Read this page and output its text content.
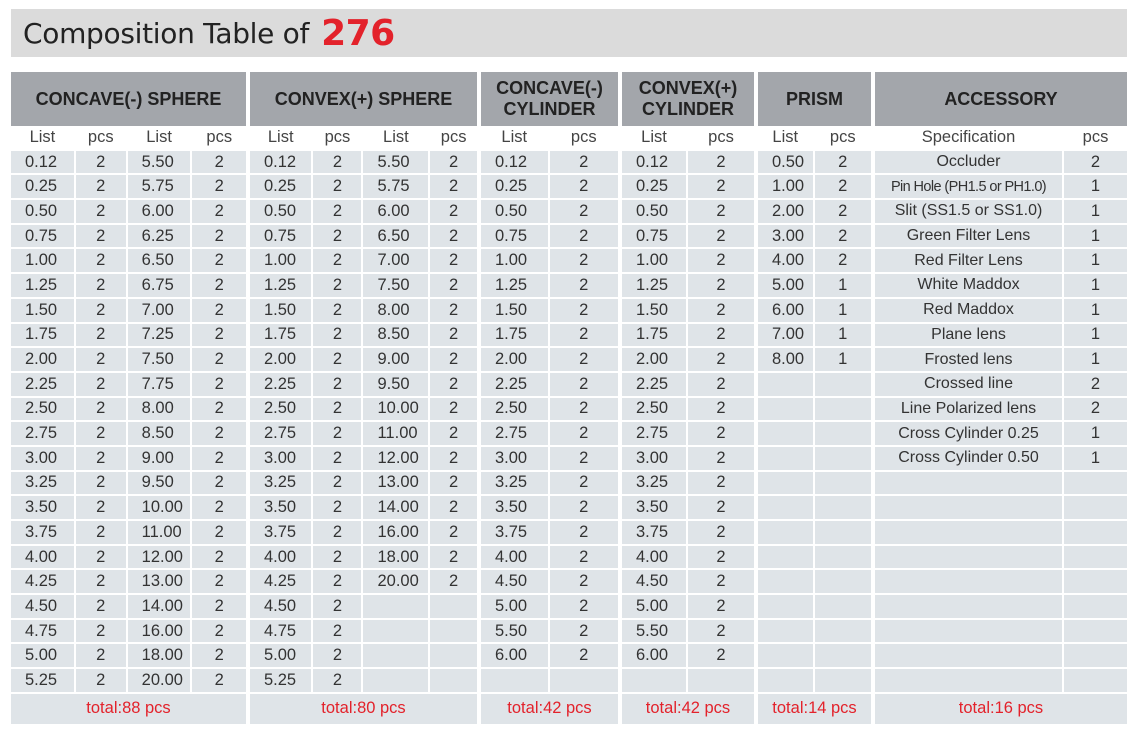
Composition Table of 276
CONCAVE(-) SPHERE			
List	pcs	List	pcs
0.12	2	5.50	2
0.25	2	5.75	2
0.50	2	6.00	2
0.75	2	6.25	2
1.00	2	6.50	2
1.25	2	6.75	2
1.50	2	7.00	2
1.75	2	7.25	2
2.00	2	7.50	2
2.25	2	7.75	2
2.50	2	8.00	2
2.75	2	8.50	2
3.00	2	9.00	2
3.25	2	9.50	2
3.50	2	10.00	2
3.75	2	11.00	2
4.00	2	12.00	2
4.25	2	13.00	2
4.50	2	14.00	2
4.75	2	16.00	2
5.00	2	18.00	2
5.25	2	20.00	2
total:88 pcs			
CONVEX(+) SPHERE			
List	pcs	List	pcs
0.12	2	5.50	2
0.25	2	5.75	2
0.50	2	6.00	2
0.75	2	6.50	2
1.00	2	7.00	2
1.25	2	7.50	2
1.50	2	8.00	2
1.75	2	8.50	2
2.00	2	9.00	2
2.25	2	9.50	2
2.50	2	10.00	2
2.75	2	11.00	2
3.00	2	12.00	2
3.25	2	13.00	2
3.50	2	14.00	2
3.75	2	16.00	2
4.00	2	18.00	2
4.25	2	20.00	2
4.50	2		
4.75	2		
5.00	2		
5.25	2		
total:80 pcs			
CONCAVE(-)
CYLINDER	
List	pcs
0.12	2
0.25	2
0.50	2
0.75	2
1.00	2
1.25	2
1.50	2
1.75	2
2.00	2
2.25	2
2.50	2
2.75	2
3.00	2
3.25	2
3.50	2
3.75	2
4.00	2
4.50	2
5.00	2
5.50	2
6.00	2

total:42 pcs	
CONVEX(+)
CYLINDER	
List	pcs
0.12	2
0.25	2
0.50	2
0.75	2
1.00	2
1.25	2
1.50	2
1.75	2
2.00	2
2.25	2
2.50	2
2.75	2
3.00	2
3.25	2
3.50	2
3.75	2
4.00	2
4.50	2
5.00	2
5.50	2
6.00	2

total:42 pcs	
PRISM	
List	pcs
0.50	2
1.00	2
2.00	2
3.00	2
4.00	2
5.00	1
6.00	1
7.00	1
8.00	1

total:14 pcs	
ACCESSORY	
Specification	pcs
Occluder	2
Pin Hole (PH1.5 or PH1.0)	1
Slit (SS1.5 or SS1.0)	1
Green Filter Lens	1
Red Filter Lens	1
White Maddox	1
Red Maddox	1
Plane lens	1
Frosted lens	1
Crossed line	2
Line Polarized lens	2
Cross Cylinder 0.25	1
Cross Cylinder 0.50	1

total:16 pcs	
